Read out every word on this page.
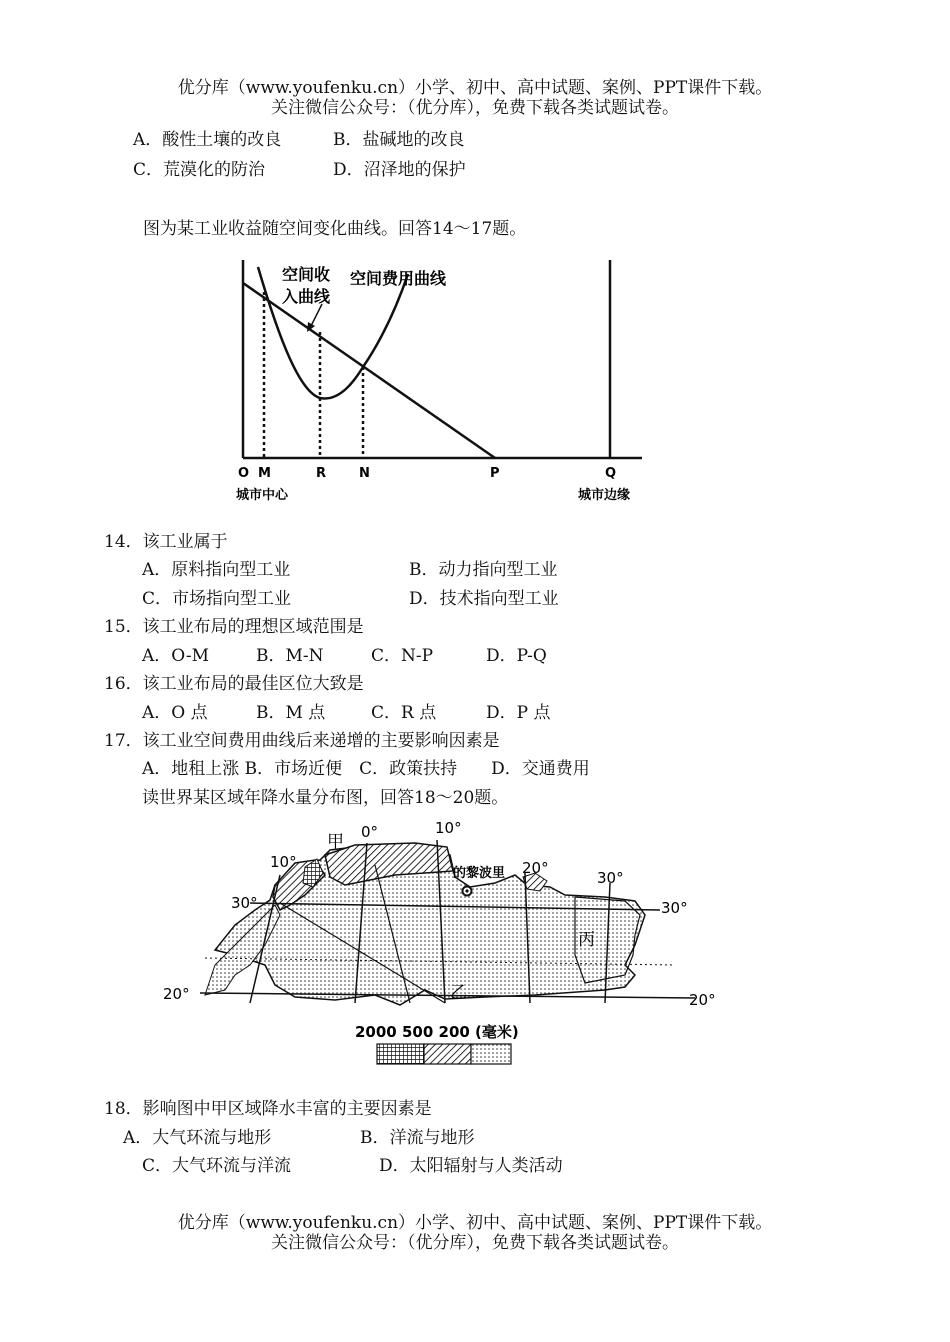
优分库（www.youfenku.cn）小学、初中、高中试题、案例、PPT课件下载。
关注微信公众号：（优分库），免费下载各类试题试卷。
A．酸性土壤的改良	B．盐碱地的改良
C．荒漠化的防治	D．沼泽地的保护
图为某工业收益随空间变化曲线。回答14～17题。
空间收
入曲线
空间费用曲线
O M	R	N	P	Q
城市中心	城市边缘
14．该工业属于
A．原料指向型工业	B．动力指向型工业
C．市场指向型工业	D．技术指向型工业
15．该工业布局的理想区域范围是
A．O-M	B．M-N	C．N-P	D．P-Q
16．该工业布局的最佳区位大致是
A．O 点	B．M 点	C．R 点	D．P 点
17．该工业空间费用曲线后来递增的主要影响因素是
A．地租上涨 B．市场近便　C．政策扶持　　D．交通费用
读世界某区域年降水量分布图，回答18～20题。
甲
乙
丙
的黎波里
0°	10°
10°	20°
30°
30°	30°
20°	20°
2000 500 200 (毫米)
18．影响图中甲区域降水丰富的主要因素是
A．大气环流与地形	B．洋流与地形
C．大气环流与洋流	D．太阳辐射与人类活动
优分库（www.youfenku.cn）小学、初中、高中试题、案例、PPT课件下载。
关注微信公众号：（优分库），免费下载各类试题试卷。
